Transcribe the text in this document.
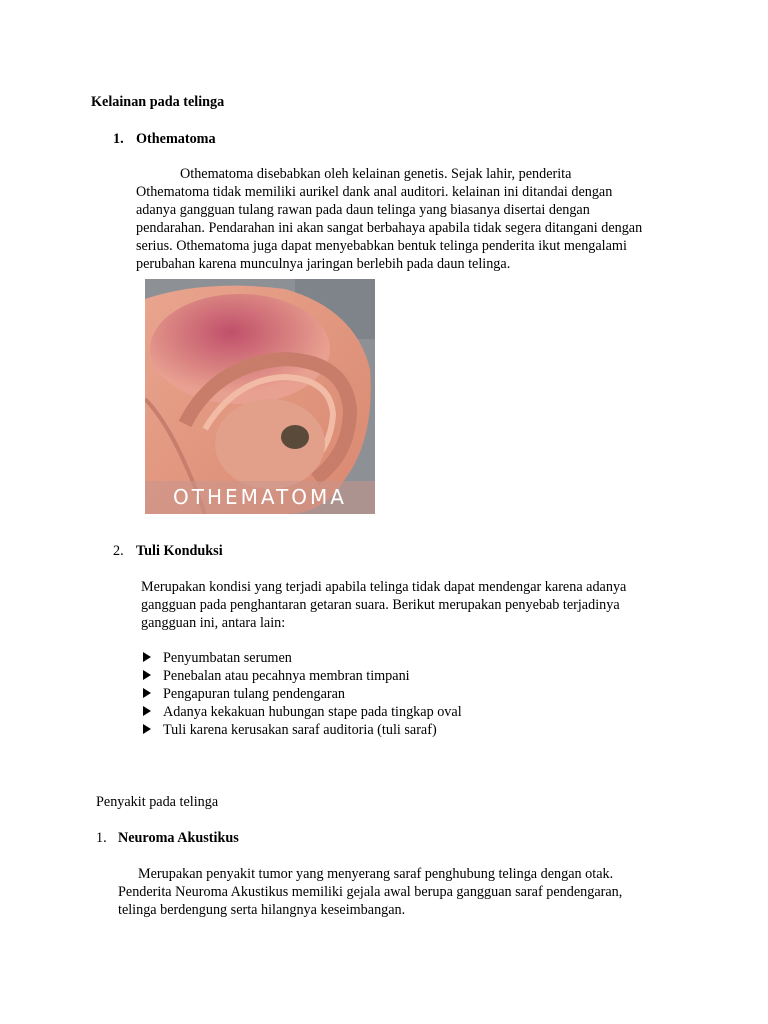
Kelainan pada telinga
1. Othematoma
Othematoma disebabkan oleh kelainan genetis. Sejak lahir, penderita
Othematoma tidak memiliki aurikel dank anal auditori. kelainan ini ditandai dengan
adanya gangguan tulang rawan pada daun telinga yang biasanya disertai dengan
pendarahan. Pendarahan ini akan sangat berbahaya apabila tidak segera ditangani dengan
serius. Othematoma juga dapat menyebabkan bentuk telinga penderita ikut mengalami
perubahan karena munculnya jaringan berlebih pada daun telinga.
OTHEMATOMA
2. Tuli Konduksi
Merupakan kondisi yang terjadi apabila telinga tidak dapat mendengar karena adanya
gangguan pada penghantaran getaran suara. Berikut merupakan penyebab terjadinya
gangguan ini, antara lain:
Penyumbatan serumen
Penebalan atau pecahnya membran timpani
Pengapuran tulang pendengaran
Adanya kekakuan hubungan stape pada tingkap oval
Tuli karena kerusakan saraf auditoria (tuli saraf)
Penyakit pada telinga
1. Neuroma Akustikus
Merupakan penyakit tumor yang menyerang saraf penghubung telinga dengan otak.
Penderita Neuroma Akustikus memiliki gejala awal berupa gangguan saraf pendengaran,
telinga berdengung serta hilangnya keseimbangan.
